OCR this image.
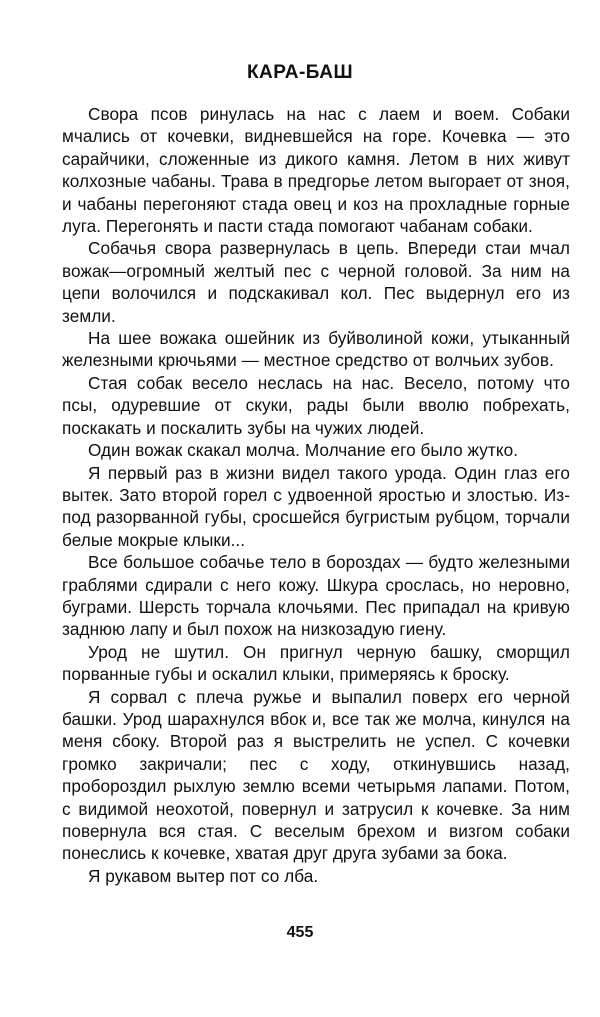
КАРА-БАШ

Свора псов ринулась на нас с лаем и воем. Собаки мчались от кочевки, видневшейся на горе. Кочевка — это сарайчики, сложенные из дикого камня. Летом в них живут колхозные чабаны. Трава в предгорье летом выгорает от зноя, и чабаны перегоняют стада овец и коз на прохладные горные луга. Перегонять и пасти стада помогают чабанам собаки.

Собачья свора развернулась в цепь. Впереди стаи мчал вожак—огромный желтый пес с черной головой. За ним на цепи волочился и подскакивал кол. Пес выдернул его из земли.

На шее вожака ошейник из буйволиной кожи, утыканный железными крючьями — местное средство от волчьих зубов.

Стая собак весело неслась на нас. Весело, потому что псы, одуревшие от скуки, рады были вволю побрехать, поскакать и поскалить зубы на чужих людей.

Один вожак скакал молча. Молчание его было жутко.

Я первый раз в жизни видел такого урода. Один глаз его вытек. Зато второй горел с удвоенной яростью и злостью. Из-под разорванной губы, сросшейся бугристым рубцом, торчали белые мокрые клыки...

Все большое собачье тело в бороздах — будто железными граблями сдирали с него кожу. Шкура срослась, но неровно, буграми. Шерсть торчала клочьями. Пес припадал на кривую заднюю лапу и был похож на низкозадую гиену.

Урод не шутил. Он пригнул черную башку, сморщил порванные губы и оскалил клыки, примеряясь к броску.

Я сорвал с плеча ружье и выпалил поверх его черной башки. Урод шарахнулся вбок и, все так же молча, кинулся на меня сбоку. Второй раз я выстрелить не успел. С кочевки громко закричали; пес с ходу, откинувшись назад, пробороздил рыхлую землю всеми четырьмя лапами. Потом, с видимой неохотой, повернул и затрусил к кочевке. За ним повернула вся стая. С веселым брехом и визгом собаки понеслись к кочевке, хватая друг друга зубами за бока.

Я рукавом вытер пот со лба.

455
